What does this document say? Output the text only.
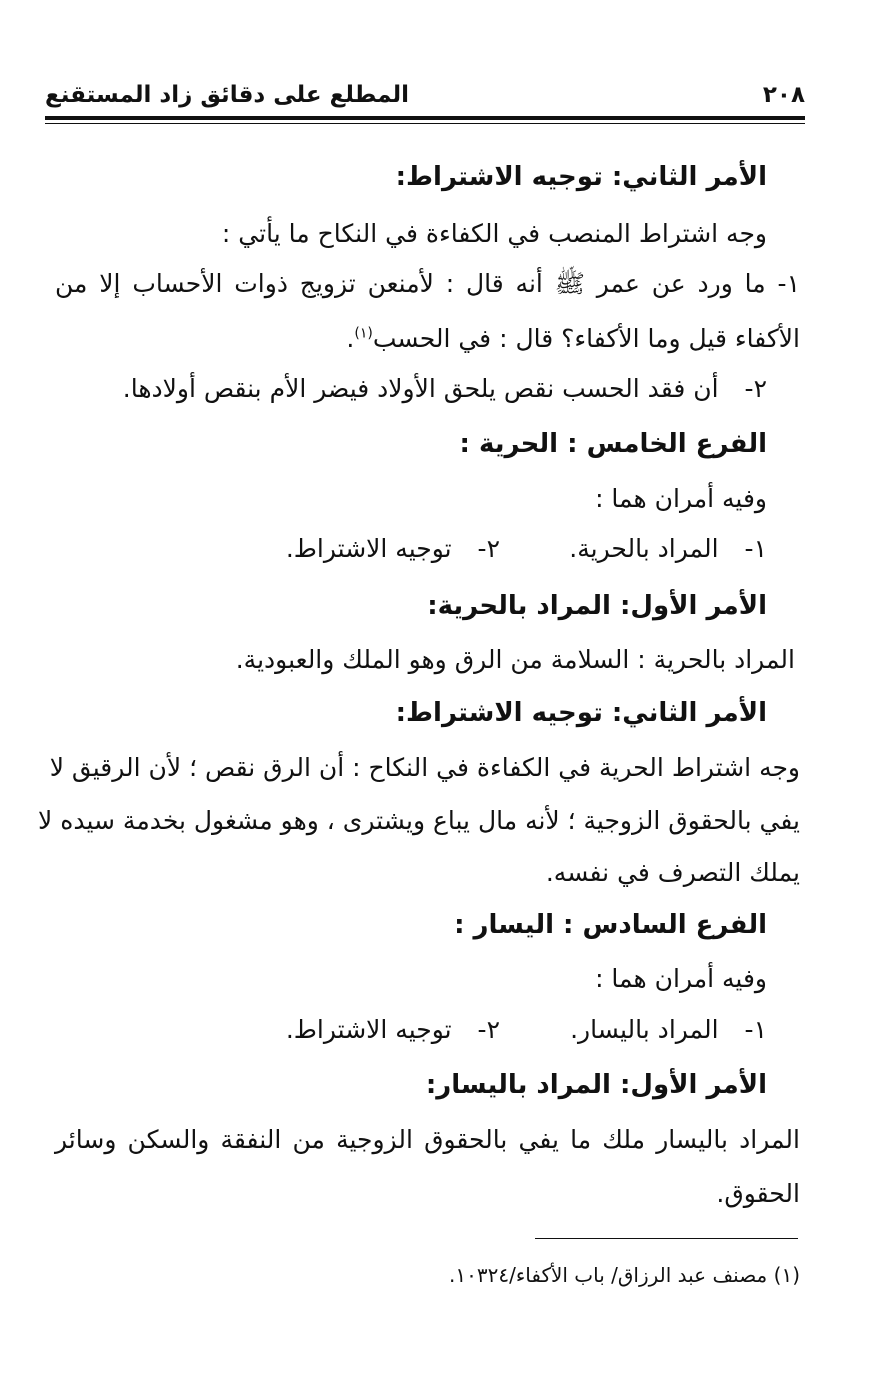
٢٠٨
المطلع على دقائق زاد المستقنع
الأمر الثاني: توجيه الاشتراط:
وجه اشتراط المنصب في الكفاءة في النكاح ما يأتي :
١- ما ورد عن عمر ﷺ أنه قال : لأمنعن تزويج ذوات الأحساب إلا من
الأكفاء قيل وما الأكفاء؟ قال : في الحسب$^{(١)}$.
٢- أن فقد الحسب نقص يلحق الأولاد فيضر الأم بنقص أولادها.
الفرع الخامس : الحرية :
وفيه أمران هما :
١- المراد بالحرية.
٢- توجيه الاشتراط.
الأمر الأول: المراد بالحرية:
المراد بالحرية : السلامة من الرق وهو الملك والعبودية.
الأمر الثاني: توجيه الاشتراط:
وجه اشتراط الحرية في الكفاءة في النكاح : أن الرق نقص ؛ لأن الرقيق لا
يفي بالحقوق الزوجية ؛ لأنه مال يباع ويشترى ، وهو مشغول بخدمة سيده لا
يملك التصرف في نفسه.
الفرع السادس : اليسار :
وفيه أمران هما :
١- المراد باليسار.
٢- توجيه الاشتراط.
الأمر الأول: المراد باليسار:
المراد باليسار ملك ما يفي بالحقوق الزوجية من النفقة والسكن وسائر
الحقوق.
(١) مصنف عبد الرزاق/ باب الأكفاء/١٠٣٢٤.
